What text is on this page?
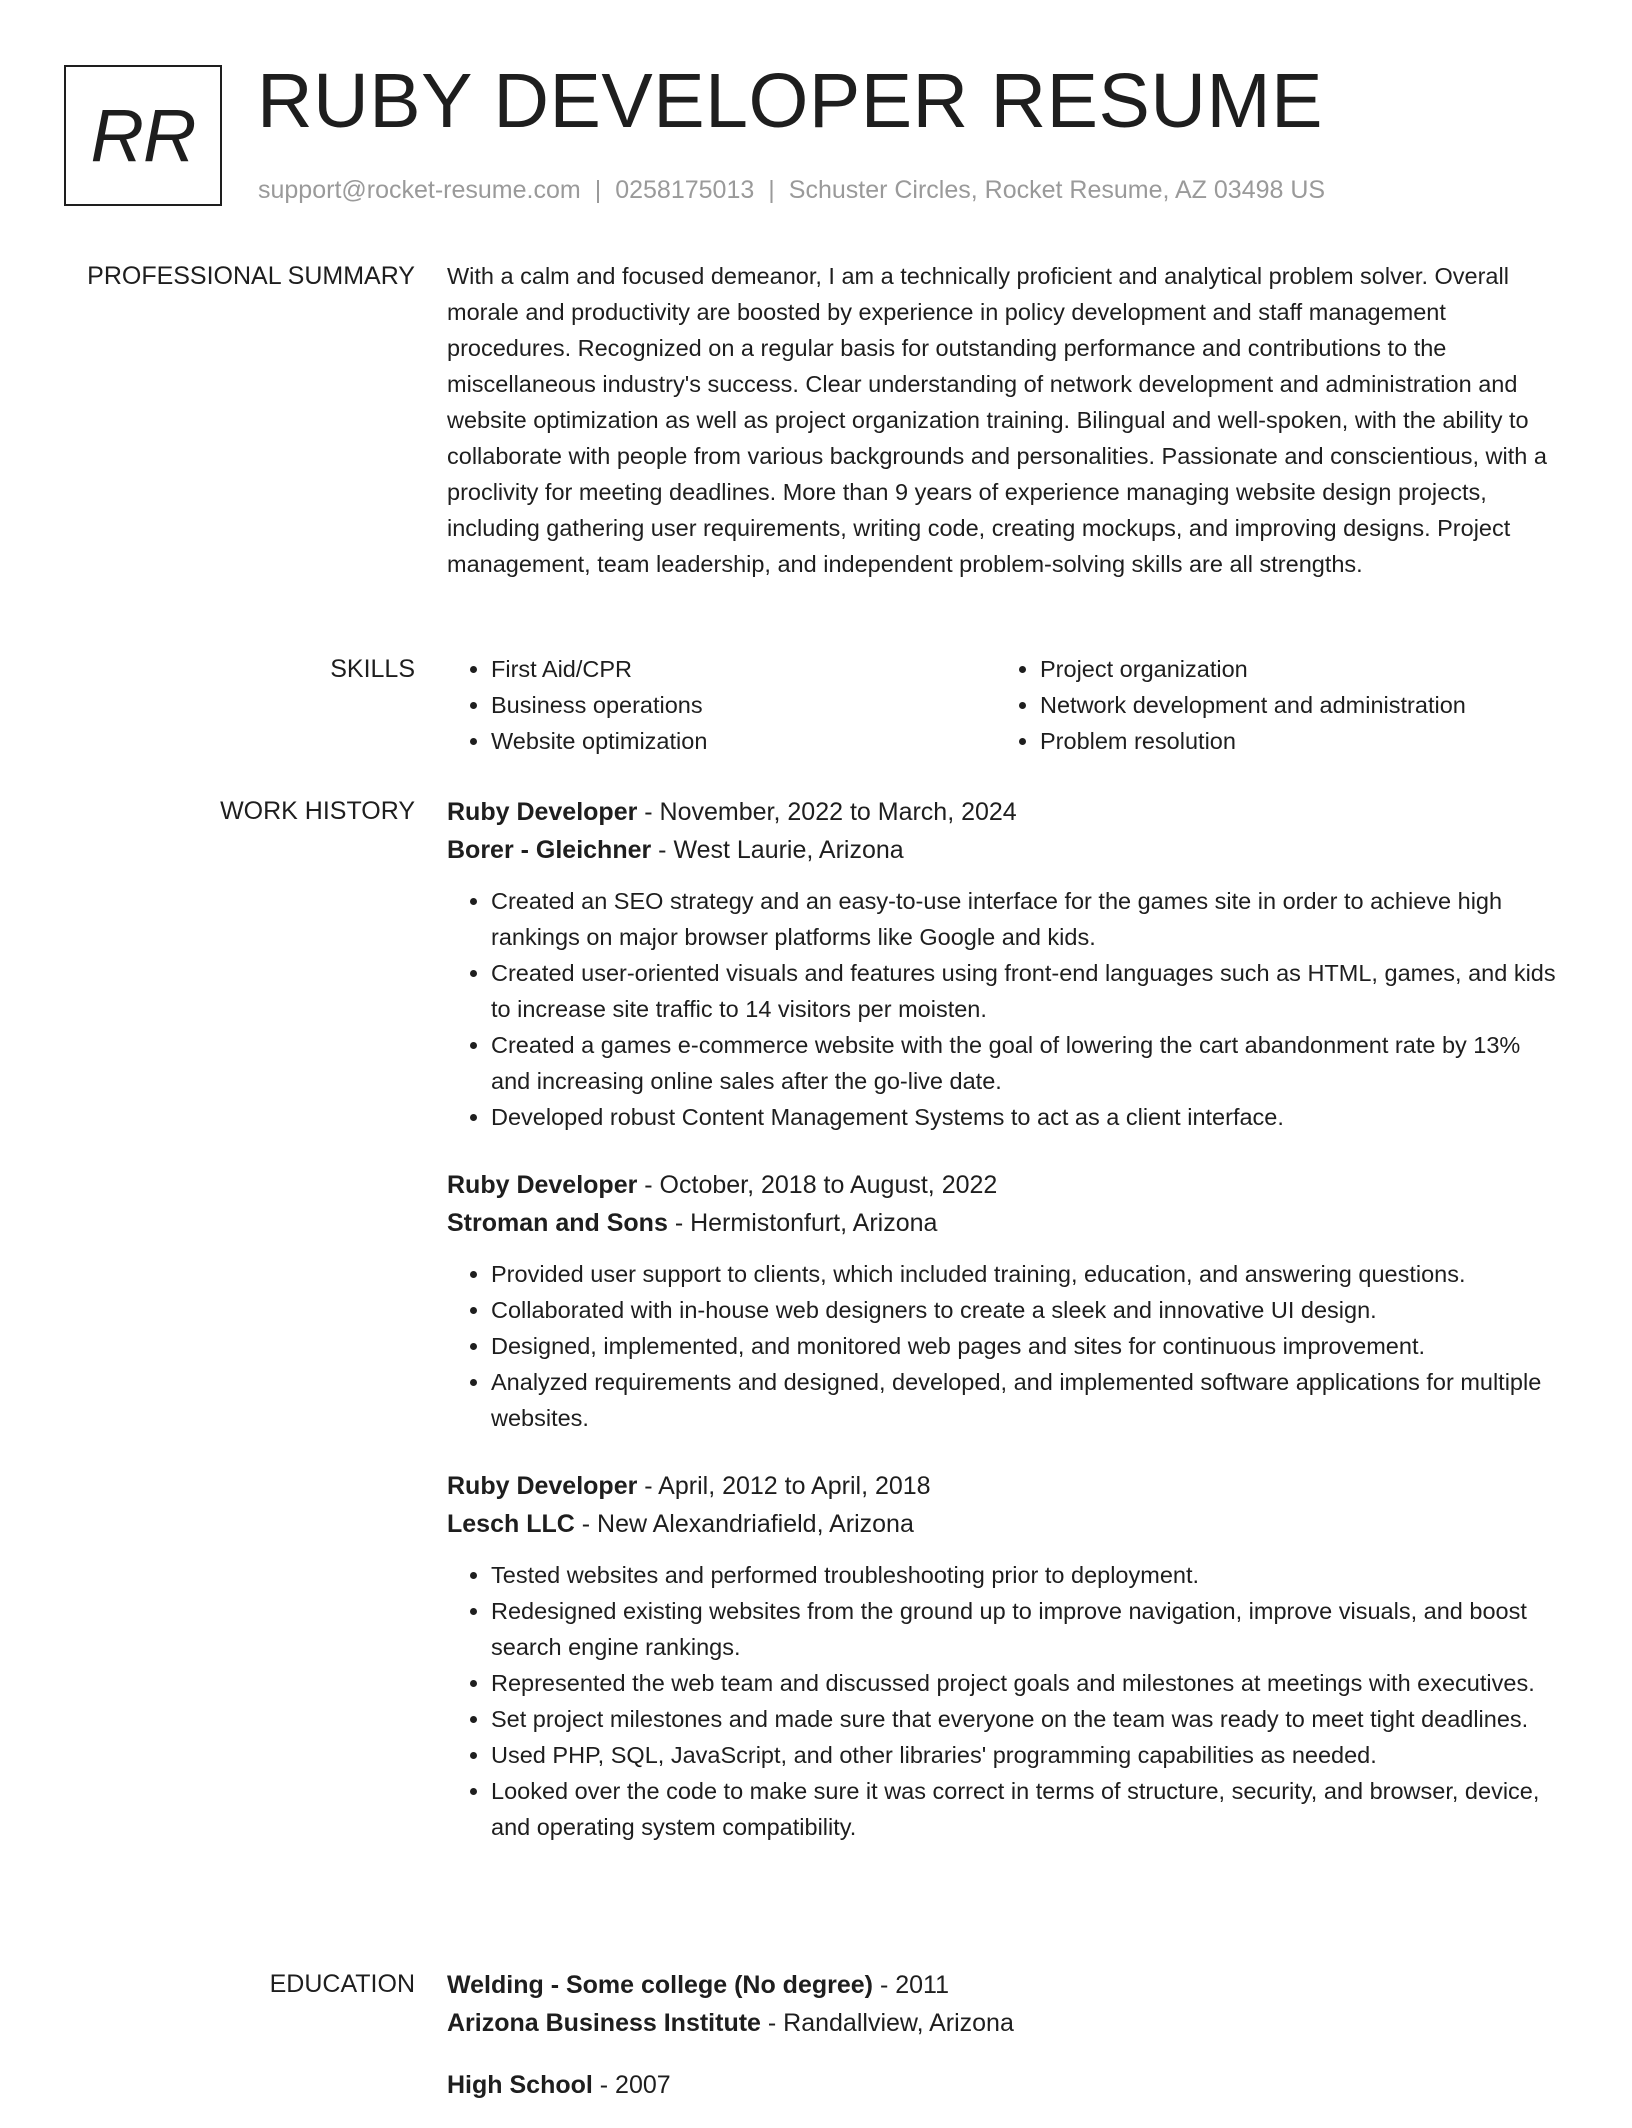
RR RUBY DEVELOPER RESUME
support@rocket-resume.com | 0258175013 | Schuster Circles, Rocket Resume, AZ 03498 US
PROFESSIONAL SUMMARY With a calm and focused demeanor, I am a technically proficient and analytical problem solver. Overall morale and productivity are boosted by experience in policy development and staff management procedures. Recognized on a regular basis for outstanding performance and contributions to the miscellaneous industry's success. Clear understanding of network development and administration and website optimization as well as project organization training. Bilingual and well-spoken, with the ability to collaborate with people from various backgrounds and personalities. Passionate and conscientious, with a proclivity for meeting deadlines. More than 9 years of experience managing website design projects, including gathering user requirements, writing code, creating mockups, and improving designs. Project management, team leadership, and independent problem-solving skills are all strengths.

SKILLS
•	First Aid/CPR
• Business operations
• Website optimization
• Project organization
• Network development and administration
• Problem resolution
WORK HISTORY Ruby Developer - November, 2022 to March, 2024
Borer - Gleichner - West Laurie, Arizona
• Created an SEO strategy and an easy-to-use interface for the games site in order to achieve high rankings on major browser platforms like Google and kids.
• Created user-oriented visuals and features using front-end languages such as HTML, games, and kids to increase site traffic to 14 visitors per moisten.
• Created a games e-commerce website with the goal of lowering the cart abandonment rate by 13% and increasing online sales after the go-live date.
• Developed robust Content Management Systems to act as a client interface.
Ruby Developer - October, 2018 to August, 2022
Stroman and Sons - Hermistonfurt, Arizona
• Provided user support to clients, which included training, education, and answering questions.
• Collaborated with in-house web designers to create a sleek and innovative UI design.
• Designed, implemented, and monitored web pages and sites for continuous improvement.
• Analyzed requirements and designed, developed, and implemented software applications for multiple websites.
Ruby Developer - April, 2012 to April, 2018
Lesch LLC - New Alexandriafield, Arizona
• Tested websites and performed troubleshooting prior to deployment.
• Redesigned existing websites from the ground up to improve navigation, improve visuals, and boost search engine rankings.
• Represented the web team and discussed project goals and milestones at meetings with executives.
• Set project milestones and made sure that everyone on the team was ready to meet tight deadlines.
• Used PHP, SQL, JavaScript, and other libraries' programming capabilities as needed.
• Looked over the code to make sure it was correct in terms of structure, security, and browser, device, and operating system compatibility.
EDUCATION Welding - Some college (No degree) - 2011
Arizona Business Institute - Randallview, Arizona
High School - 2007
